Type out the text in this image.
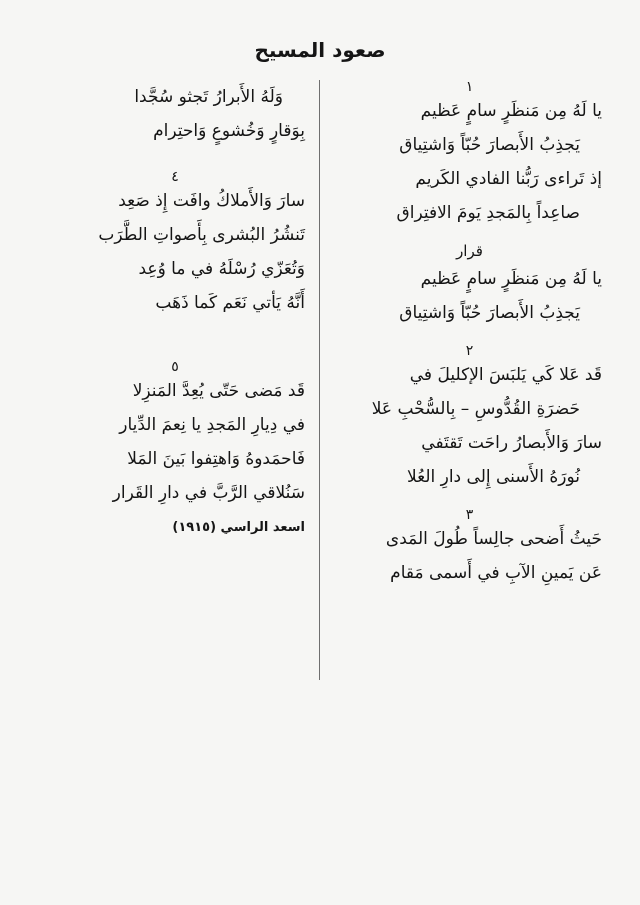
صعود المسيح
١
يا لَهُ مِن مَنظَرٍ سامٍ عَظيم
يَجذِبُ الأَبصارَ حُبّاً وَاشتِياق
إذ تَراءى رَبُّنا الفادي الكَريم
صاعِداً بِالمَجدِ يَومَ الافتِراق
قرار
يا لَهُ مِن مَنظَرٍ سامٍ عَظيم
يَجذِبُ الأَبصارَ حُبّاً وَاشتِياق
٢
قَد عَلا كَي يَلبَسَ الإكليلَ في
حَضرَةِ القُدُّوسِ – بِالسُّحْبِ عَلا
سارَ وَالأَبصارُ راحَت تَقتَفي
نُورَهُ الأَسنى إِلى دارِ العُلا
٣
حَيثُ أَضحى جالِساً طُولَ المَدى
عَن يَمينِ الآبِ في أَسمى مَقام
وَلَهُ الأَبرارُ تَجثو سُجَّدا
بِوَقارٍ وَخُشوعٍ وَاحتِرام
٤
سارَ وَالأَملاكُ وافَت إِذ صَعِد
تَنشُرُ البُشرى بِأَصواتِ الطَّرَب
وَتُعَزّي رُسْلَهُ في ما وُعِد
أَنَّهُ يَأتي نَعَم كَما ذَهَب
٥
قَد مَضى حَتّى يُعِدَّ المَنزِلا
في دِيارِ المَجدِ يا نِعمَ الدِّيار
فَاحمَدوهُ وَاهتِفوا بَينَ المَلا
سَنُلاقي الرَّبَّ في دارِ القَرار
اسعد الراسي (١٩١٥)
